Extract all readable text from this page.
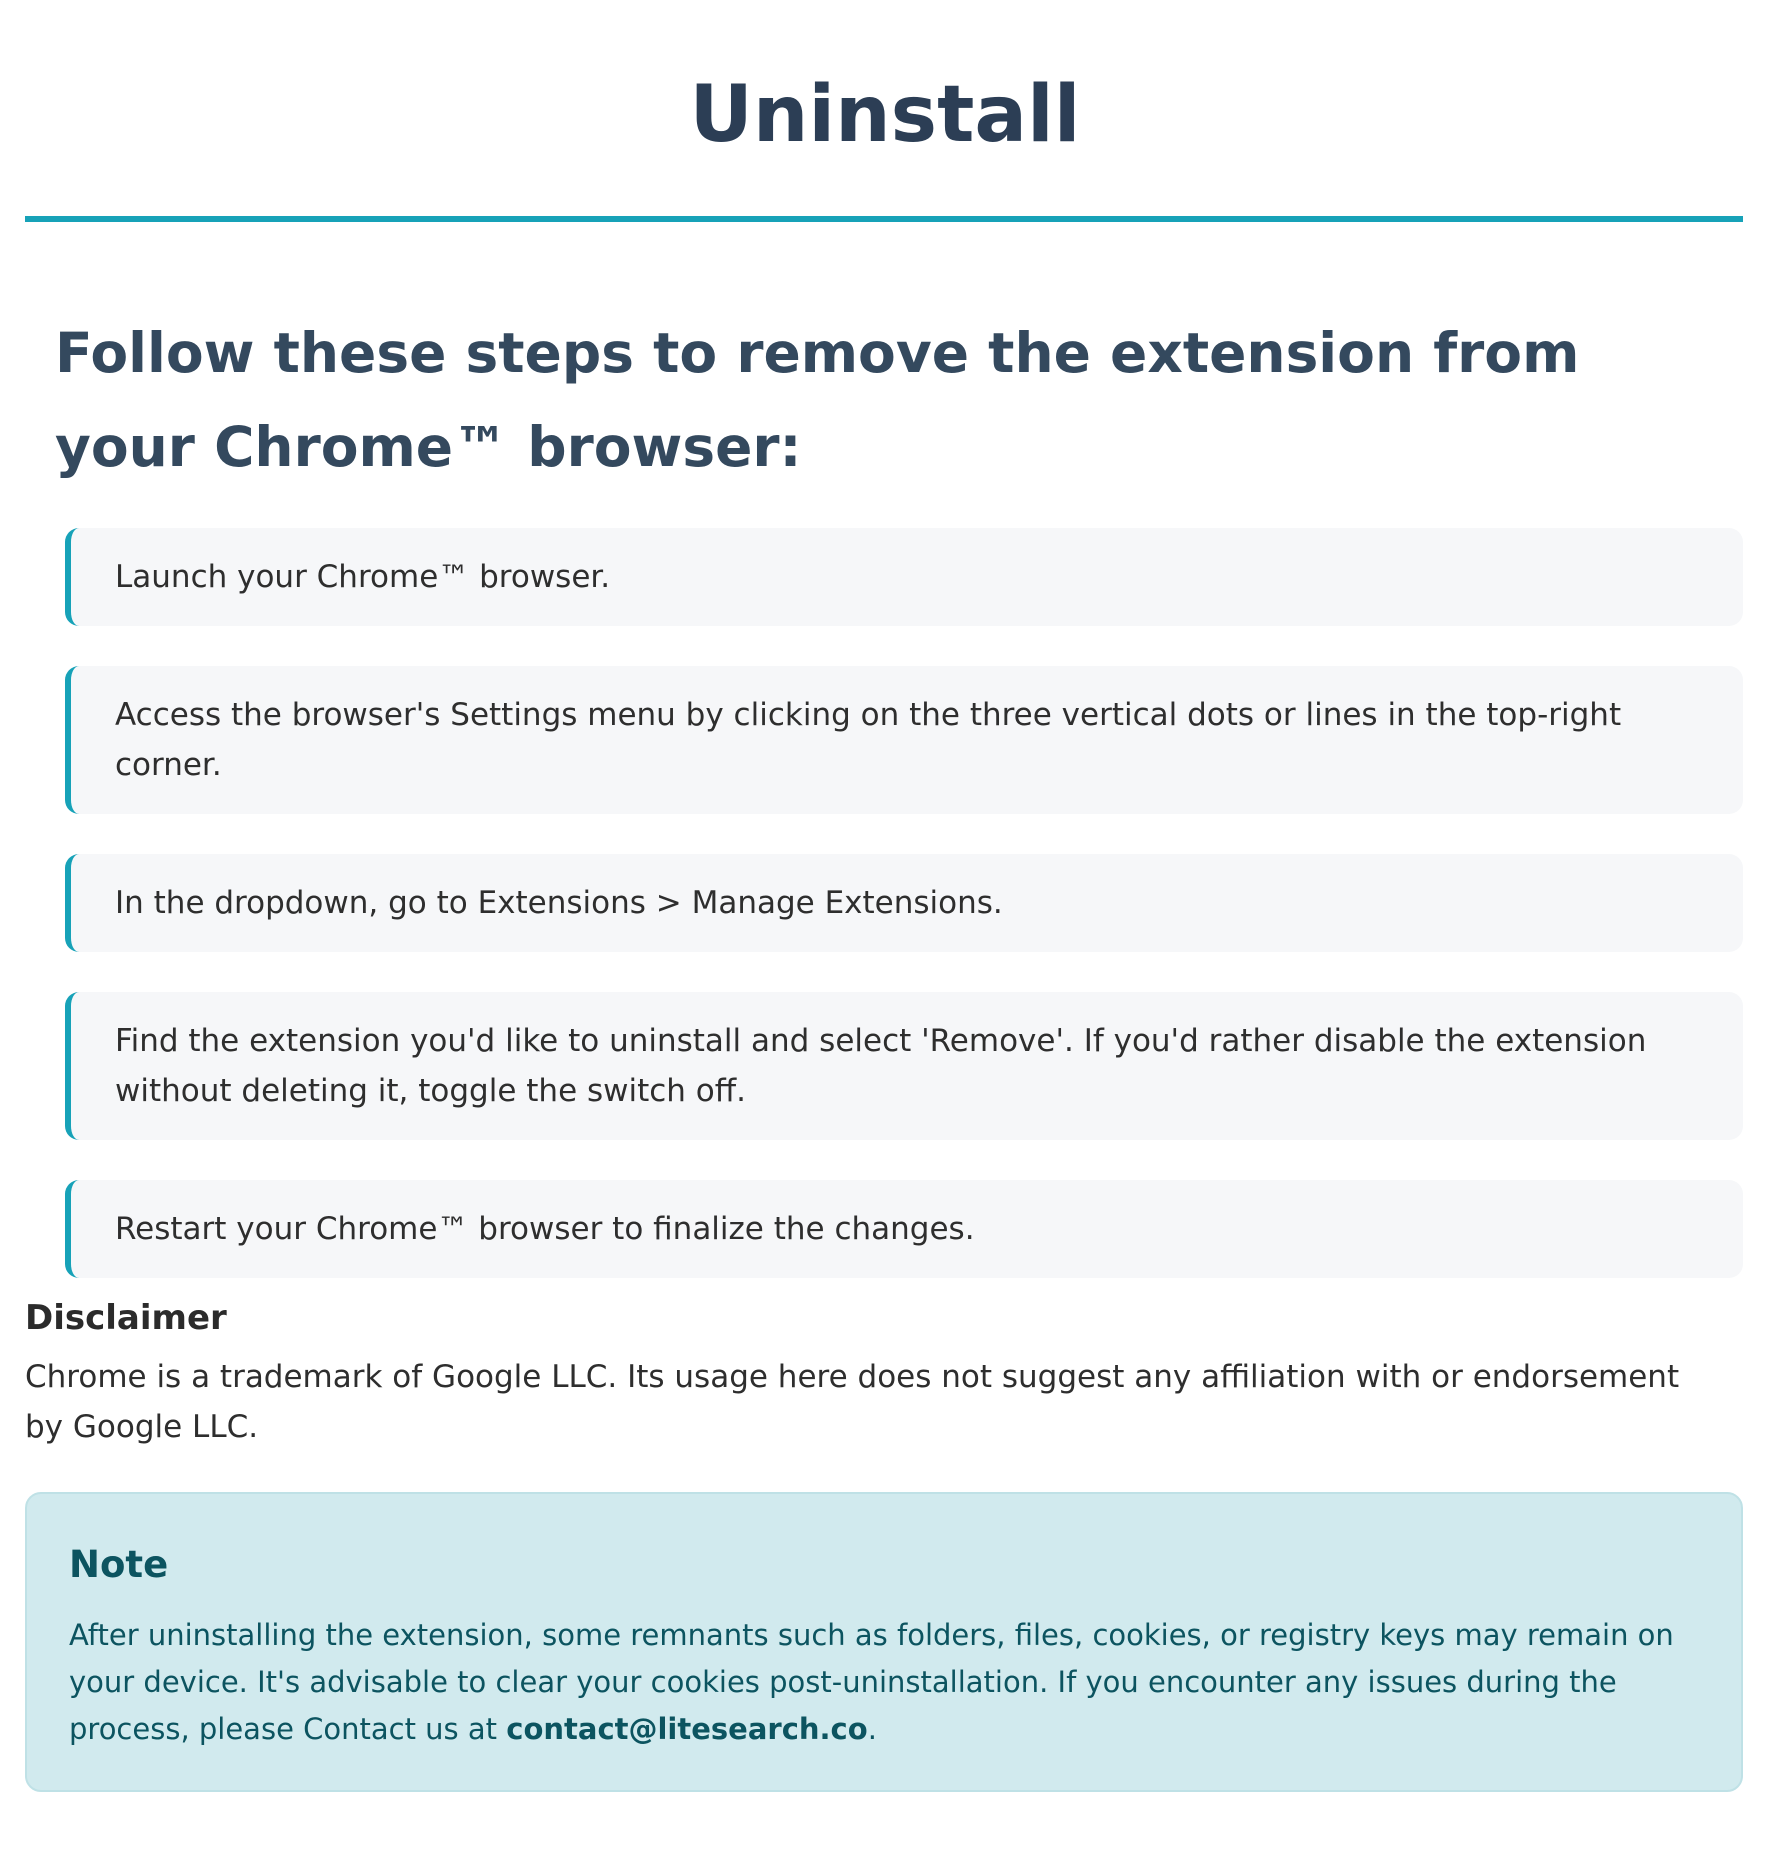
Uninstall
Follow these steps to remove the extension from your Chrome™ browser:
Launch your Chrome™ browser.
Access the browser's Settings menu by clicking on the three vertical dots or lines in the top-right corner.
In the dropdown, go to Extensions > Manage Extensions.
Find the extension you'd like to uninstall and select 'Remove'. If you'd rather disable the extension without deleting it, toggle the switch off.
Restart your Chrome™ browser to finalize the changes.
Disclaimer

Chrome is a trademark of Google LLC. Its usage here does not suggest any affiliation with or endorsement by Google LLC.

Note

After uninstalling the extension, some remnants such as folders, files, cookies, or registry keys may remain on your device. It's advisable to clear your cookies post-uninstallation. If you encounter any issues during the process, please Contact us at contact@litesearch.co.
